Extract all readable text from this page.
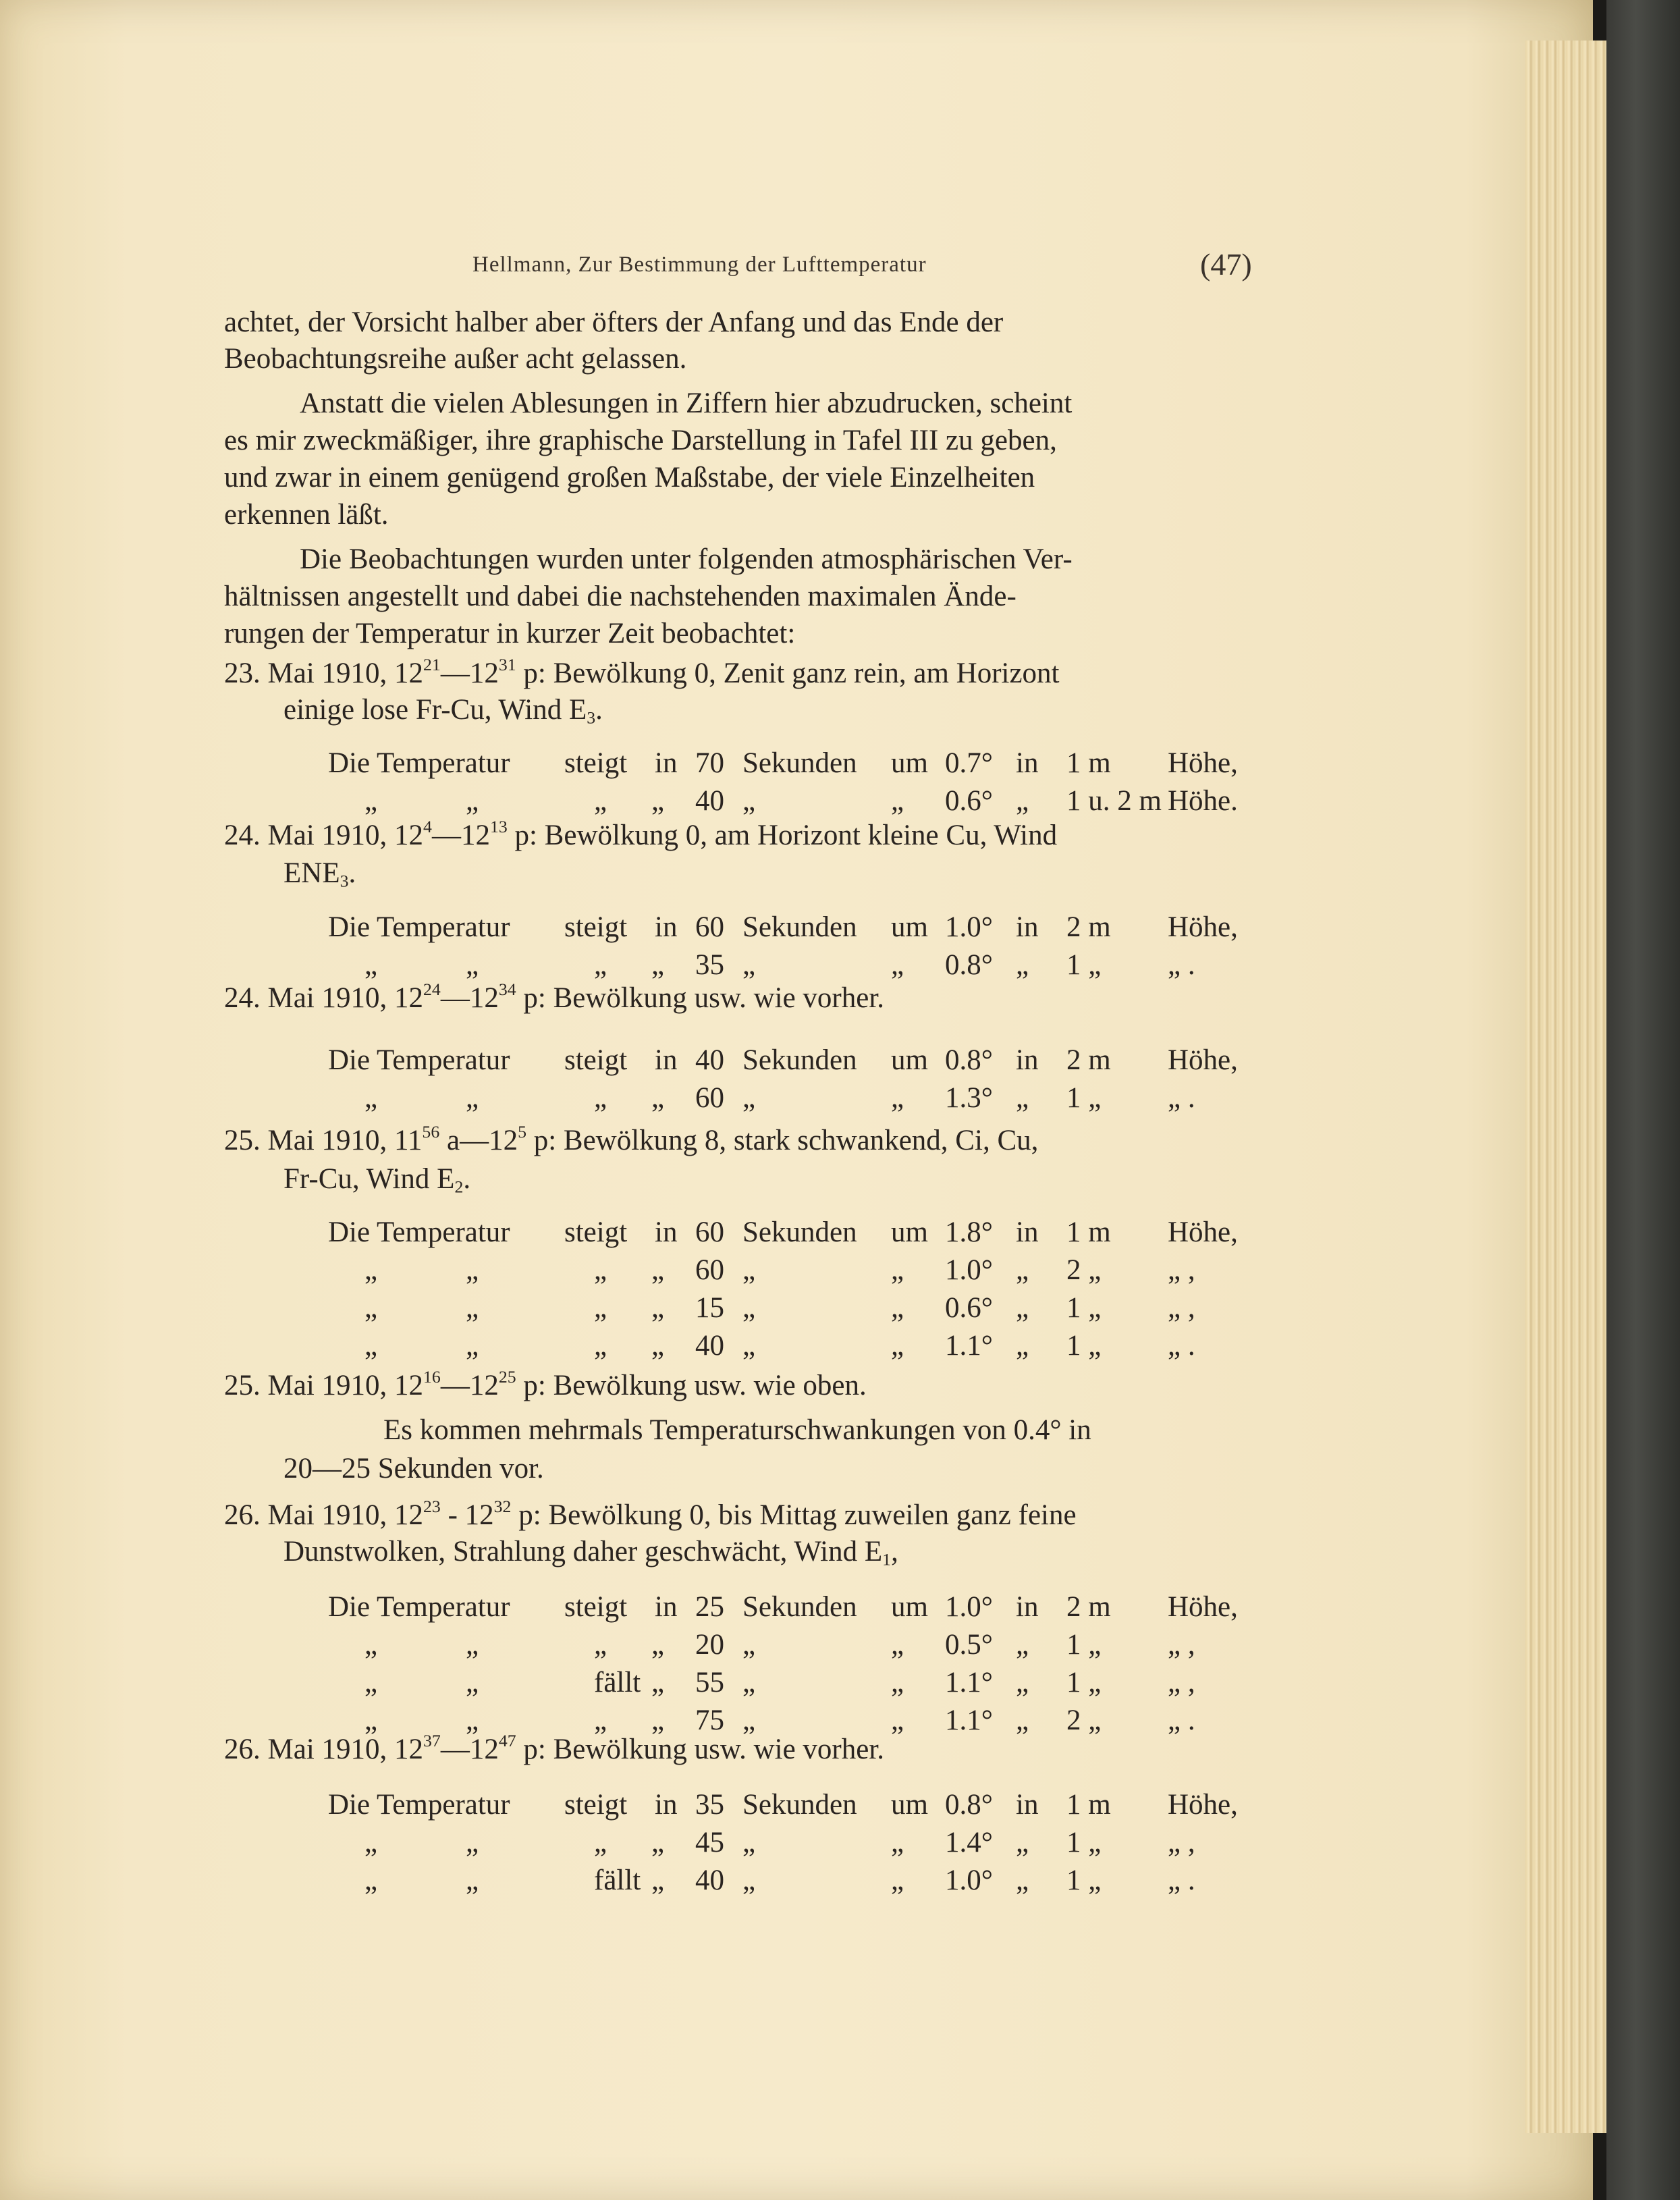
Hellmann, Zur Bestimmung der Lufttemperatur	(47)
achtet, der Vorsicht halber aber öfters der Anfang und das Ende der
Beobachtungsreihe außer acht gelassen.
Anstatt die vielen Ablesungen in Ziffern hier abzudrucken, scheint
es mir zweckmäßiger, ihre graphische Darstellung in Tafel III zu geben,
und zwar in einem genügend großen Maßstabe, der viele Einzelheiten
erkennen läßt.
Die Beobachtungen wurden unter folgenden atmosphärischen Ver-
hältnissen angestellt und dabei die nachstehenden maximalen Ände-
rungen der Temperatur in kurzer Zeit beobachtet:
23. Mai 1910, $12^{21}—12^{31}$ p: Bewölkung 0, Zenit ganz rein, am Horizont
einige lose Fr-Cu, Wind $E_3$.
Die Temperatur steigt in 70 Sekunden um 0.7° in 1 m Höhe,
„	„	„ „ 40 „	„ 0.6° „ 1 u. 2 m Höhe.
24. Mai 1910, $12^4—12^{13}$ p: Bewölkung 0, am Horizont kleine Cu, Wind
$ENE_3$.
Die Temperatur steigt in 60 Sekunden um 1.0° in 2 m Höhe,
„	„	„ „ 35 „	„ 0.8° „ 1 „ „ .
24. Mai 1910, $12^{24}—12^{34}$ p: Bewölkung usw. wie vorher.
Die Temperatur steigt in 40 Sekunden um 0.8° in 2 m Höhe,
„	„	„ „ 60 „	„ 1.3° „ 1 „ „ .
25. Mai 1910, $11^{56}$ $a—12^5$ p: Bewölkung 8, stark schwankend, Ci, Cu,
Fr-Cu, Wind $E_2$.
Die Temperatur steigt in 60 Sekunden um 1.8° in 1 m Höhe,
„	„	„ „ 60 „	„ 1.0° „ 2 „ „ ,
„	„	„ „ 15 „	„ 0.6° „ 1 „ „ ,
„	„	„ „ 40 „	„ 1.1° „ 1 „ „ .
25. Mai 1910, $12^{16}—12^{25}$ p: Bewölkung usw. wie oben.
Es kommen mehrmals Temperaturschwankungen von 0.4° in
20—25 Sekunden vor.
26. Mai 1910, $12^{23} - 12^{32}$ p: Bewölkung 0, bis Mittag zuweilen ganz feine
Dunstwolken, Strahlung daher geschwächt, Wind $E_1$,
Die Temperatur steigt in 25 Sekunden um 1.0° in 2 m Höhe,
„	„	„ „ 20 „	„ 0.5° „ 1 „ „ ,
„	„	fällt „ 55 „	„ 1.1° „ 1 „ „ ,
„	„	„ „ 75 „	„ 1.1° „ 2 „ „ .
26. Mai 1910, $12^{37}—12^{47}$ p: Bewölkung usw. wie vorher.
Die Temperatur steigt in 35 Sekunden um 0.8° in 1 m Höhe,
„	„	„ „ 45 „	„ 1.4° „ 1 „ „ ,
„	„	fällt „ 40 „	„ 1.0° „ 1 „ „ .
